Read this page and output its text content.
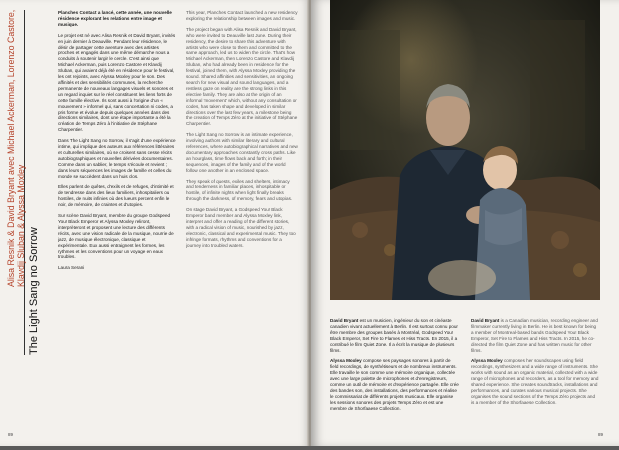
The Light Sang no Sorrow
Alisa Resnik & David Bryant avec Michael Ackerman, Lorenzo Castore, Klavdij Sluban & Alyssa Moxley

Planches Contact a lancé, cette année, une nouvelle résidence explorant les relations entre image et musique.

Le projet est né avec Alisa Resnik et David Bryant, invités en juin dernier à Deauville. Pendant leur résidence, le désir de partager cette aventure avec des artistes proches et engagés dans une même démarche nous a conduits à soutenir largir le cercle. C'est ainsi que Michael Ackerman, puis Lorenzo Castore et Klavdij Sluban, qui avaient déjà été en résidence pour le festival, les ont rejoints, avec Alyssa Moxley pour le son. Des affinités et des sensibilités communes, la recherche permanente de nouveaux langages visuels et sonores et un regard inquiet sur le réel constituent les liens forts de cette famille élective. Ils sont aussi à l'origine d'un « mouvement » informel qui, sans concertation ni codes, a pris forme et évolue depuis quelques années dans des directions similaires, dont une étape importante a été la création de Temps Zéro à l'initiative de Stéphane Charpentier.

Dans The Light Sang no Sorrow, il s'agit d'une expérience intime, qui implique des auteurs aux références littéraires et culturelles similaires, où se croisent sans cesse récits autobiographiques et nouvelles dérivées documentaires. Comme dans un sablier, le temps s'écoule et revient ; dans leurs séquences les images de famille et celles du monde se succèdent dans un huis clos.

Elles parlent de quêtes, d'exils et de refuges, d'intimité et de tendresse dans des lieux familiers, inhospitaliers ou hostiles, de nuits infinies où des lueurs percent enfin le noir, de mémoire, de craintes et d'utopies.

Sur scène David Bryant, membre du groupe Godspeed You! Black Emperor et Alyssa Moxley reliront, interprèteront et proposent une lecture des différents récits, avec une vision radicale de la musique, nourrie de jazz, de musique électronique, classique et expérimentale. Eux aussi entraignent les formes, les rythmes et les conventions pour un voyage en eaux troubles.

Laura Serani

This year, Planches Contact launched a new residency exploring the relationship between images and music.

The project began with Alisa Resnik and David Bryant, who were invited to Deauville last June. During their residency, the desire to share this adventure with artists who were close to them and committed to the same approach, led us to widen the circle. That's how Michael Ackerman, then Lorenzo Castore and Klavdij Sluban, who had already been in residence for the festival, joined them, with Alyssa Moxley providing the sound. Shared affinities and sensitivities, an ongoing search for new visual and sound languages, and a restless gaze on reality are the strong links in this elective family. They are also at the origin of an informal 'movement' which, without any consultation or codes, has taken shape and developed in similar directions over the last few years, a milestone being the creation of Temps Zéro at the initiative of Stéphane Charpentier.

The Light Sang no Sorrow is an intimate experience, involving authors with similar literary and cultural references, where autobiographical narratives and new documentary approaches constantly cross paths. Like an hourglass, time flows back and forth; in their sequences, images of the family and of the world follow one another in an enclosed space.

They speak of quests, exiles and shelters, intimacy and tenderness in familiar places, inhospitable or hostile, of infinite nights when light finally breaks through the darkness, of memory, fears and utopias.

On stage David Bryant, a Godspeed You! Black Emperor band member and Alyssa Moxley link, interpret and offer a reading of the different stories, with a radical vision of music, nourished by jazz, electronic, classical and experimental music. They too infringe formats, rhythms and conventions for a journey into troubled waters.

89

David Bryant est un musicien, ingénieur du son et cinéaste canadien vivant actuellement à Berlin. Il est surtout connu pour être membre des groupes basés à Montréal, Godspeed You! Black Emperor, Set Fire to Flames et Hiss Tracts. En 2015, il a contribué le film Quiet Zone. Il a écrit la musique de plusieurs films.

Alyssa Moxley compose ses paysages sonores à partir de field recordings, de synthétiseurs et de nombreux instruments. Elle travaille le son comme une mémoire organique, collectée avec une large palette de microphones et d'enregistreurs, comme un outil de mémoire et d'expérience partagée. Elle crée des bandes son, des installations, des performances et réalise le commissariat de différents projets musicaux. Elle organise les sessions sonores des projets Temps Zéro et est une membre de Shorfaaese Collection.

David Bryant is a Canadian musician, recording engineer and filmmaker currently living in Berlin. He is best known for being a member of Montreal-based bands Godspeed You! Black Emperor, Set Fire to Flames and Hiss Tracts. In 2015, he co-directed the film Quiet Zone and has written music for other films.

Alyssa Moxley composes her soundscapes using field recordings, synthesizers and a wide range of instruments. She works with sound as an organic material, collected with a wide range of microphones and recorders, as a tool for memory and shared experience. She creates soundtracks, installations and performances, and curates various musical projects. She organises the sound sections of the Temps Zéro projects and is a member of the Shorfaaese Collection.

89
